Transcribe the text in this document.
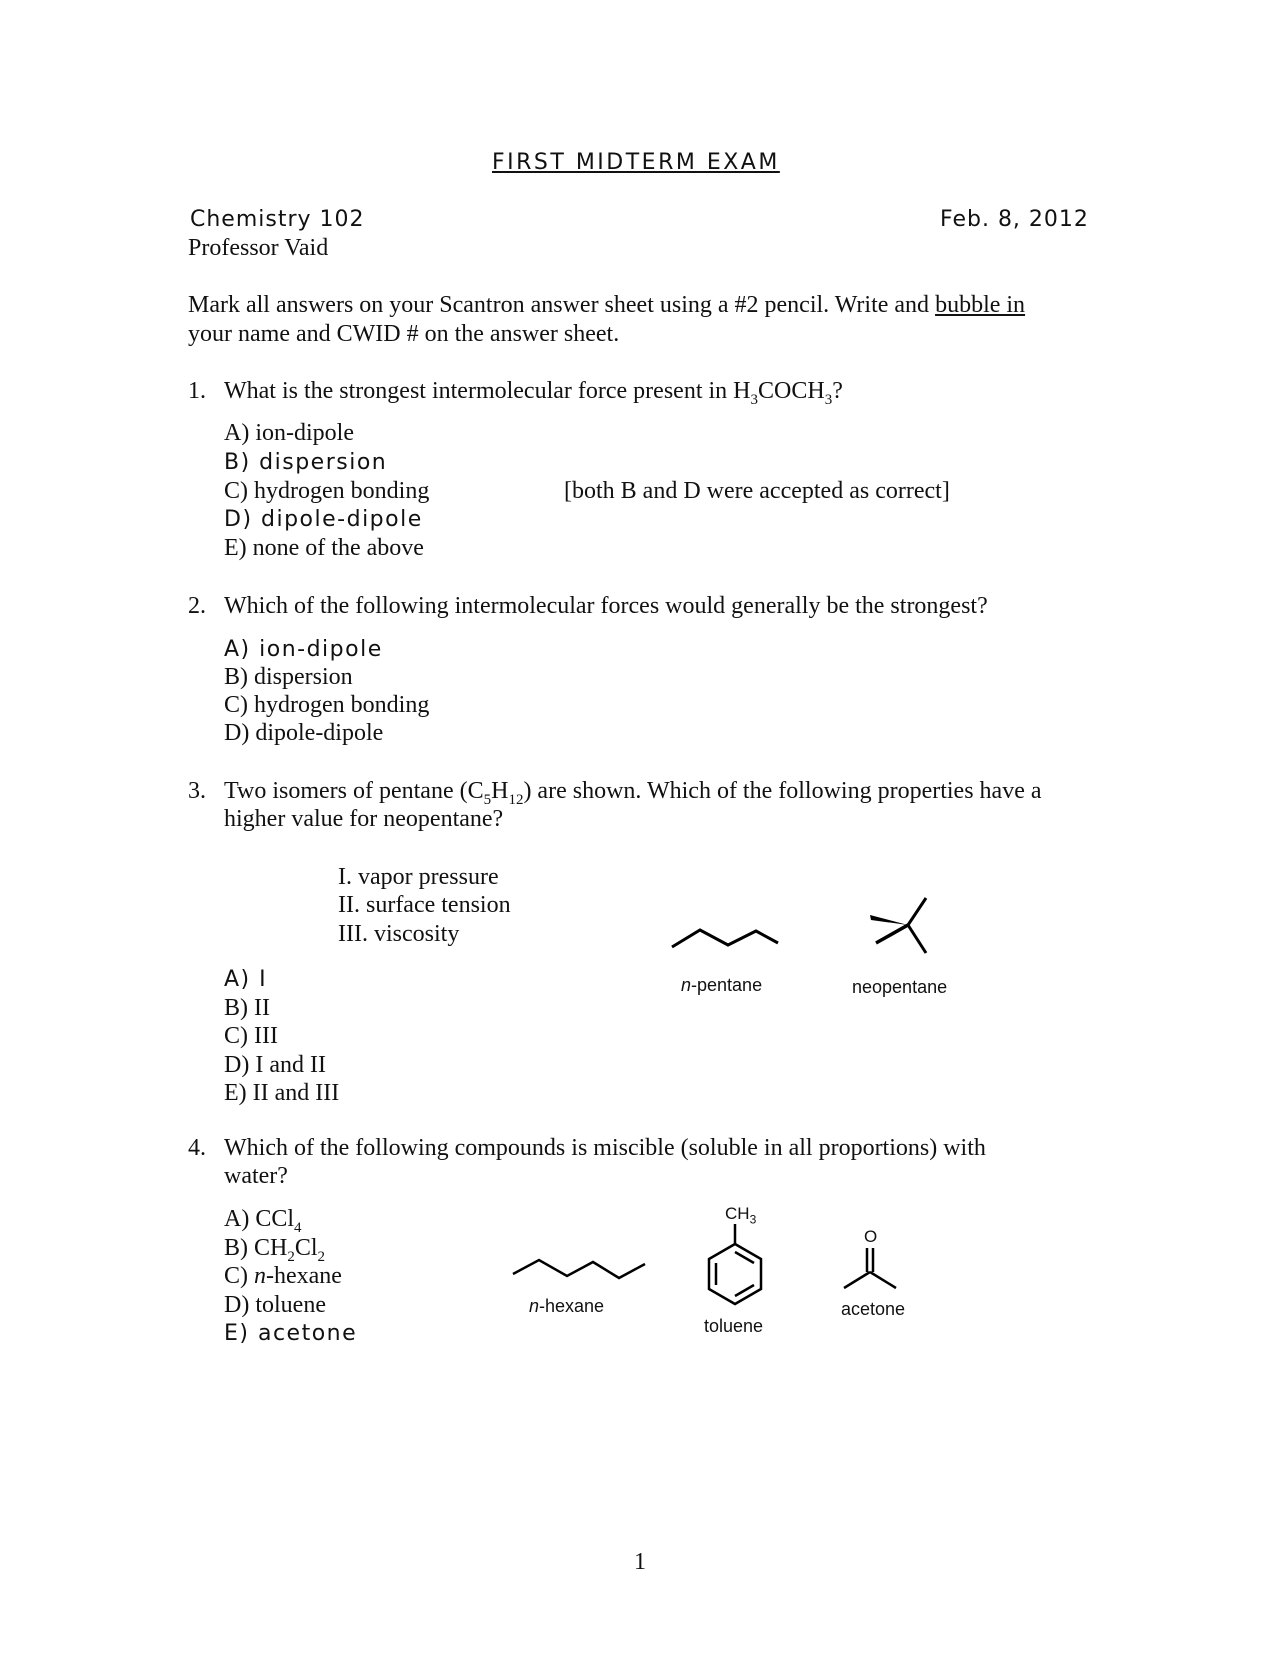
FIRST MIDTERM EXAM
Chemistry 102
Professor Vaid
Feb. 8, 2012
Mark all answers on your Scantron answer sheet using a #2 pencil. Write and bubble in
your name and CWID # on the answer sheet.
1. What is the strongest intermolecular force present in $H_3COCH_3$?
A) ion-dipole
B) dispersion
C) hydrogen bonding
D) dipole-dipole
E) none of the above
[both B and D were accepted as correct]
2. Which of the following intermolecular forces would generally be the strongest?
A) ion-dipole
B) dispersion
C) hydrogen bonding
D) dipole-dipole
3. Two isomers of pentane $(C_5H_{12})$ are shown. Which of the following properties have a
higher value for neopentane?
I. vapor pressure
II. surface tension
III. viscosity
A) I
B) II
C) III
D) I and II
E) II and III
n-pentane	neopentane
4. Which of the following compounds is miscible (soluble in all proportions) with
water?
A) CCl$_4$
B) $CH_2Cl_2$
C) n-hexane
D) toluene
E) acetone
n-hexane
$CH_3$
toluene
O
acetone
1
